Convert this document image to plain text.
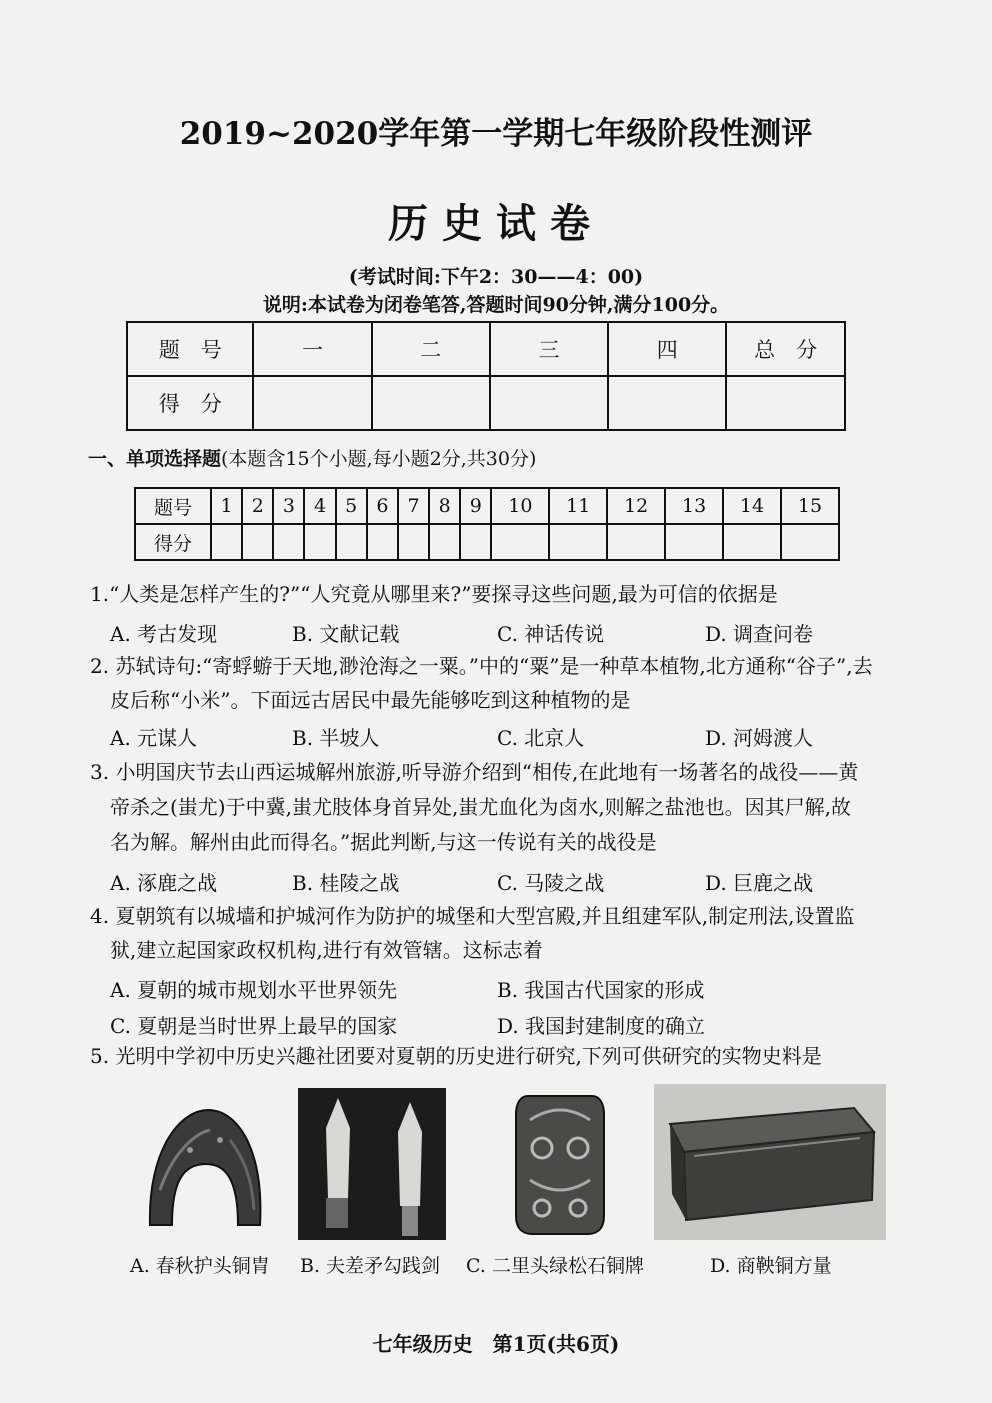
2019~2020学年第一学期七年级阶段性测评
历史试卷
(考试时间:下午2：30——4：00)
说明:本试卷为闭卷笔答,答题时间90分钟,满分100分。
题　号	一	二	三	四	总　分
得　分					
一、单项选择题(本题含15个小题,每小题2分,共30分)
题号	1	2	3	4	5	6	7	8	9	10	11	12	13	14	15
得分															
1.“人类是怎样产生的?”“人究竟从哪里来?”要探寻这些问题,最为可信的依据是
A. 考古发现	B. 文献记载	C. 神话传说	D. 调查问卷
2. 苏轼诗句:“寄蜉蝣于天地,渺沧海之一粟。”中的“粟”是一种草本植物,北方通称“谷子”,去
皮后称“小米”。下面远古居民中最先能够吃到这种植物的是
A. 元谋人	B. 半坡人	C. 北京人	D. 河姆渡人
3. 小明国庆节去山西运城解州旅游,听导游介绍到“相传,在此地有一场著名的战役——黄
帝杀之(蚩尤)于中冀,蚩尤肢体身首异处,蚩尤血化为卤水,则解之盐池也。因其尸解,故
名为解。解州由此而得名。”据此判断,与这一传说有关的战役是
A. 涿鹿之战	B. 桂陵之战	C. 马陵之战	D. 巨鹿之战
4. 夏朝筑有以城墙和护城河作为防护的城堡和大型宫殿,并且组建军队,制定刑法,设置监
狱,建立起国家政权机构,进行有效管辖。这标志着
A. 夏朝的城市规划水平世界领先	B. 我国古代国家的形成
C. 夏朝是当时世界上最早的国家	D. 我国封建制度的确立
5. 光明中学初中历史兴趣社团要对夏朝的历史进行研究,下列可供研究的实物史料是
A. 春秋护头铜胄 B. 夫差矛勾践剑 C. 二里头绿松石铜牌	D. 商鞅铜方量
七年级历史　第1页(共6页)
